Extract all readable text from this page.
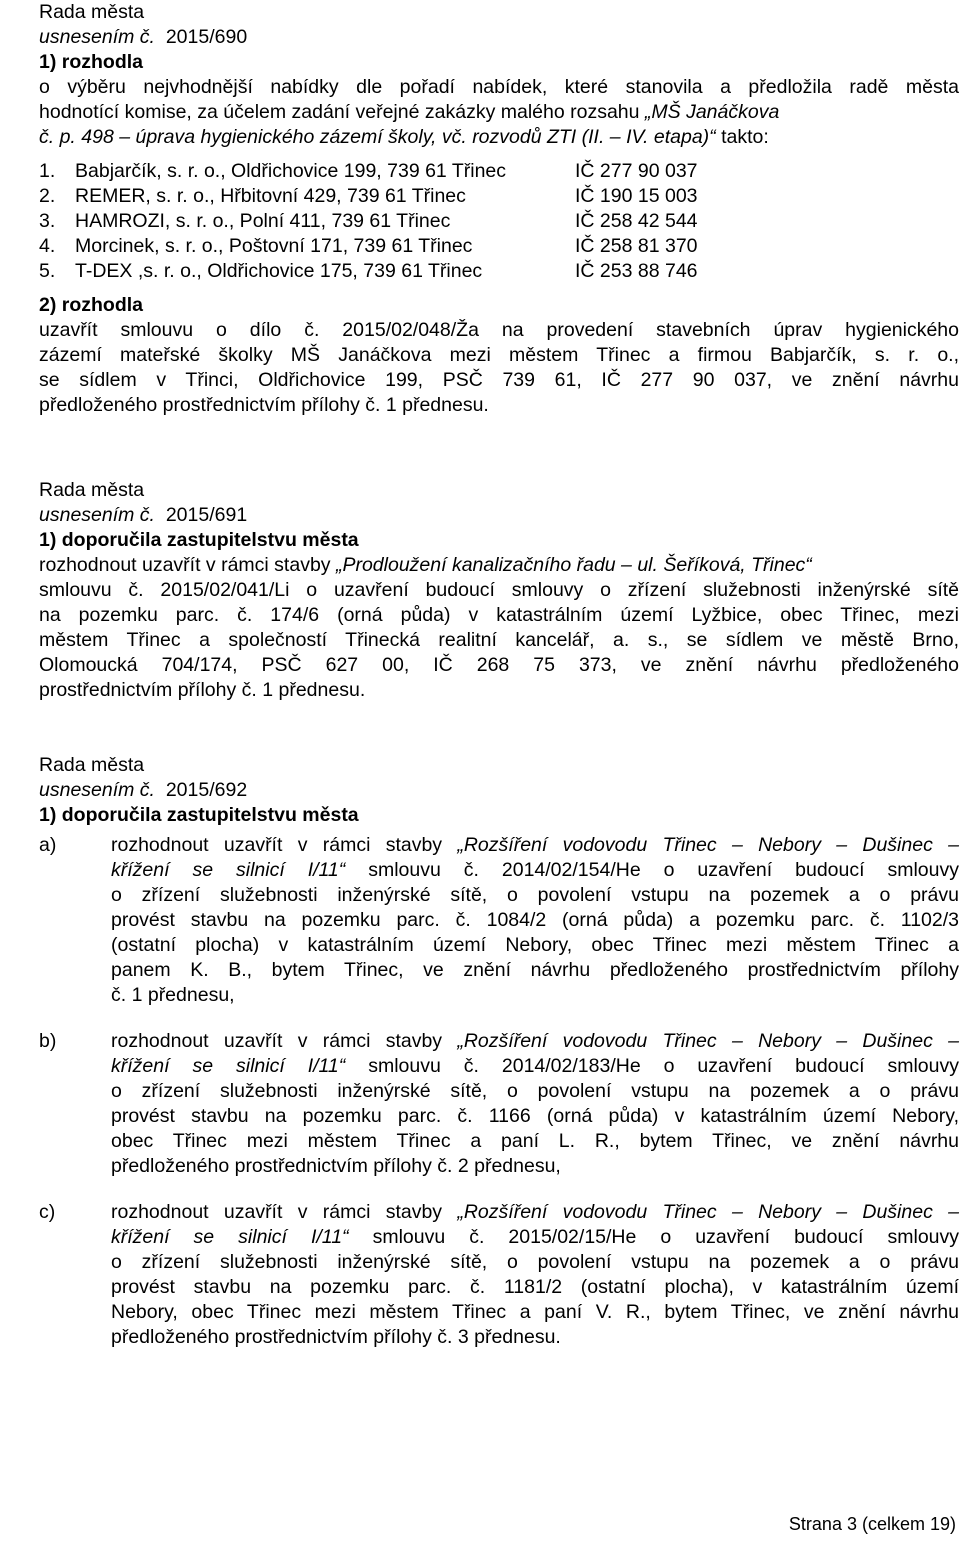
Rada města
usnesením č. 2015/690
1) rozhodla
o výběru nejvhodnější nabídky dle pořadí nabídek, které stanovila a předložila radě města
hodnotící komise, za účelem zadání veřejné zakázky malého rozsahu „MŠ Janáčkova
č. p. 498 – úprava hygienického zázemí školy, vč. rozvodů ZTI (II. – IV. etapa)“ takto:
1. Babjarčík, s. r. o., Oldřichovice 199, 739 61 Třinec	IČ 277 90 037
2. REMER, s. r. o., Hřbitovní 429, 739 61 Třinec	IČ 190 15 003
3. HAMROZI, s. r. o., Polní 411, 739 61 Třinec	IČ 258 42 544
4. Morcinek, s. r. o., Poštovní 171, 739 61 Třinec	IČ 258 81 370
5. T-DEX ,s. r. o., Oldřichovice 175, 739 61 Třinec	IČ 253 88 746
2) rozhodla
uzavřít smlouvu o dílo č. 2015/02/048/Ža na provedení stavebních úprav hygienického
zázemí mateřské školky MŠ Janáčkova mezi městem Třinec a firmou Babjarčík, s. r. o.,
se sídlem v Třinci, Oldřichovice 199, PSČ 739 61, IČ 277 90 037, ve znění návrhu
předloženého prostřednictvím přílohy č. 1 přednesu.
Rada města
usnesením č. 2015/691
1) doporučila zastupitelstvu města
rozhodnout uzavřít v rámci stavby „Prodloužení kanalizačního řadu – ul. Šeříková, Třinec“
smlouvu č. 2015/02/041/Li o uzavření budoucí smlouvy o zřízení služebnosti inženýrské sítě
na pozemku parc. č. 174/6 (orná půda) v katastrálním území Lyžbice, obec Třinec, mezi
městem Třinec a společností Třinecká realitní kancelář, a. s., se sídlem ve městě Brno,
Olomoucká 704/174, PSČ 627 00, IČ 268 75 373, ve znění návrhu předloženého
prostřednictvím přílohy č. 1 přednesu.
Rada města
usnesením č. 2015/692
1) doporučila zastupitelstvu města
a)	rozhodnout uzavřít v rámci stavby „Rozšíření vodovodu Třinec – Nebory – Dušinec –
křížení se silnicí I/11“ smlouvu č. 2014/02/154/He o uzavření budoucí smlouvy
o zřízení služebnosti inženýrské sítě, o povolení vstupu na pozemek a o právu
provést stavbu na pozemku parc. č. 1084/2 (orná půda) a pozemku parc. č. 1102/3
(ostatní plocha) v katastrálním území Nebory, obec Třinec mezi městem Třinec a
panem K. B., bytem Třinec, ve znění návrhu předloženého prostřednictvím přílohy
č. 1 přednesu,
b)	rozhodnout uzavřít v rámci stavby „Rozšíření vodovodu Třinec – Nebory – Dušinec –
křížení se silnicí I/11“ smlouvu č. 2014/02/183/He o uzavření budoucí smlouvy
o zřízení služebnosti inženýrské sítě, o povolení vstupu na pozemek a o právu
provést stavbu na pozemku parc. č. 1166 (orná půda) v katastrálním území Nebory,
obec Třinec mezi městem Třinec a paní L. R., bytem Třinec, ve znění návrhu
předloženého prostřednictvím přílohy č. 2 přednesu,
c)	rozhodnout uzavřít v rámci stavby „Rozšíření vodovodu Třinec – Nebory – Dušinec –
křížení se silnicí I/11“ smlouvu č. 2015/02/15/He o uzavření budoucí smlouvy
o zřízení služebnosti inženýrské sítě, o povolení vstupu na pozemek a o právu
provést stavbu na pozemku parc. č. 1181/2 (ostatní plocha), v katastrálním území
Nebory, obec Třinec mezi městem Třinec a paní V. R., bytem Třinec, ve znění návrhu
předloženého prostřednictvím přílohy č. 3 přednesu.
Strana 3 (celkem 19)
